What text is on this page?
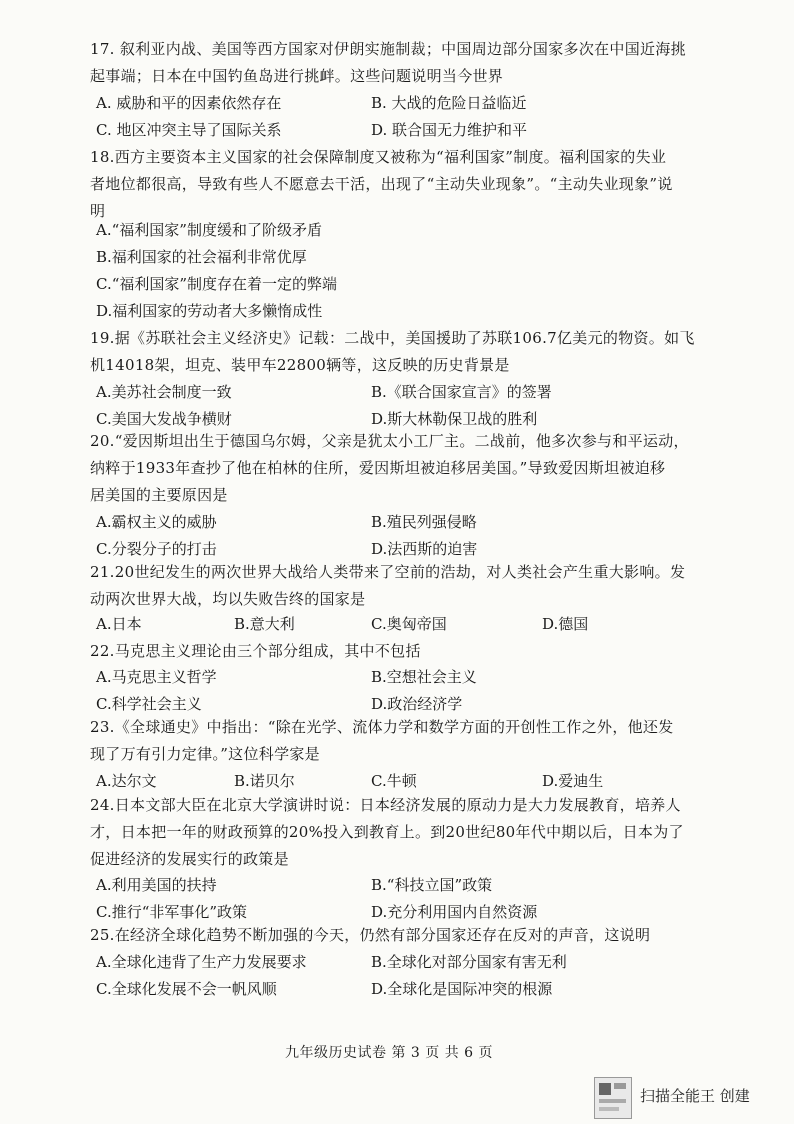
17. 叙利亚内战、美国等西方国家对伊朗实施制裁；中国周边部分国家多次在中国近海挑
起事端；日本在中国钓鱼岛进行挑衅。这些问题说明当今世界
A. 威胁和平的因素依然存在	B. 大战的危险日益临近
C. 地区冲突主导了国际关系	D. 联合国无力维护和平
18.西方主要资本主义国家的社会保障制度又被称为“福利国家”制度。福利国家的失业
者地位都很高，导致有些人不愿意去干活，出现了“主动失业现象”。“主动失业现象”说
明
A.“福利国家”制度缓和了阶级矛盾
B.福利国家的社会福利非常优厚
C.“福利国家”制度存在着一定的弊端
D.福利国家的劳动者大多懒惰成性
19.据《苏联社会主义经济史》记载：二战中，美国援助了苏联106.7亿美元的物资。如飞
机14018架，坦克、装甲车22800辆等，这反映的历史背景是
A.美苏社会制度一致	B.《联合国家宣言》的签署
C.美国大发战争横财	D.斯大林勒保卫战的胜利
20.“爱因斯坦出生于德国乌尔姆，父亲是犹太小工厂主。二战前，他多次参与和平运动，
纳粹于1933年查抄了他在柏林的住所，爱因斯坦被迫移居美国。”导致爱因斯坦被迫移
居美国的主要原因是
A.霸权主义的威胁	B.殖民列强侵略
C.分裂分子的打击	D.法西斯的迫害
21.20世纪发生的两次世界大战给人类带来了空前的浩劫，对人类社会产生重大影响。发
动两次世界大战，均以失败告终的国家是
A.日本	B.意大利	C.奥匈帝国	D.德国
22.马克思主义理论由三个部分组成，其中不包括
A.马克思主义哲学	B.空想社会主义
C.科学社会主义	D.政治经济学
23.《全球通史》中指出：“除在光学、流体力学和数学方面的开创性工作之外，他还发
现了万有引力定律。”这位科学家是
A.达尔文	B.诺贝尔	C.牛顿	D.爱迪生
24.日本文部大臣在北京大学演讲时说：日本经济发展的原动力是大力发展教育，培养人
才，日本把一年的财政预算的20%投入到教育上。到20世纪80年代中期以后，日本为了
促进经济的发展实行的政策是
A.利用美国的扶持	B.“科技立国”政策
C.推行“非军事化”政策	D.充分利用国内自然资源
25.在经济全球化趋势不断加强的今天，仍然有部分国家还存在反对的声音，这说明
A.全球化违背了生产力发展要求	B.全球化对部分国家有害无利
C.全球化发展不会一帆风顺	D.全球化是国际冲突的根源
九年级历史试卷 第 3 页 共 6 页
扫描全能王 创建
